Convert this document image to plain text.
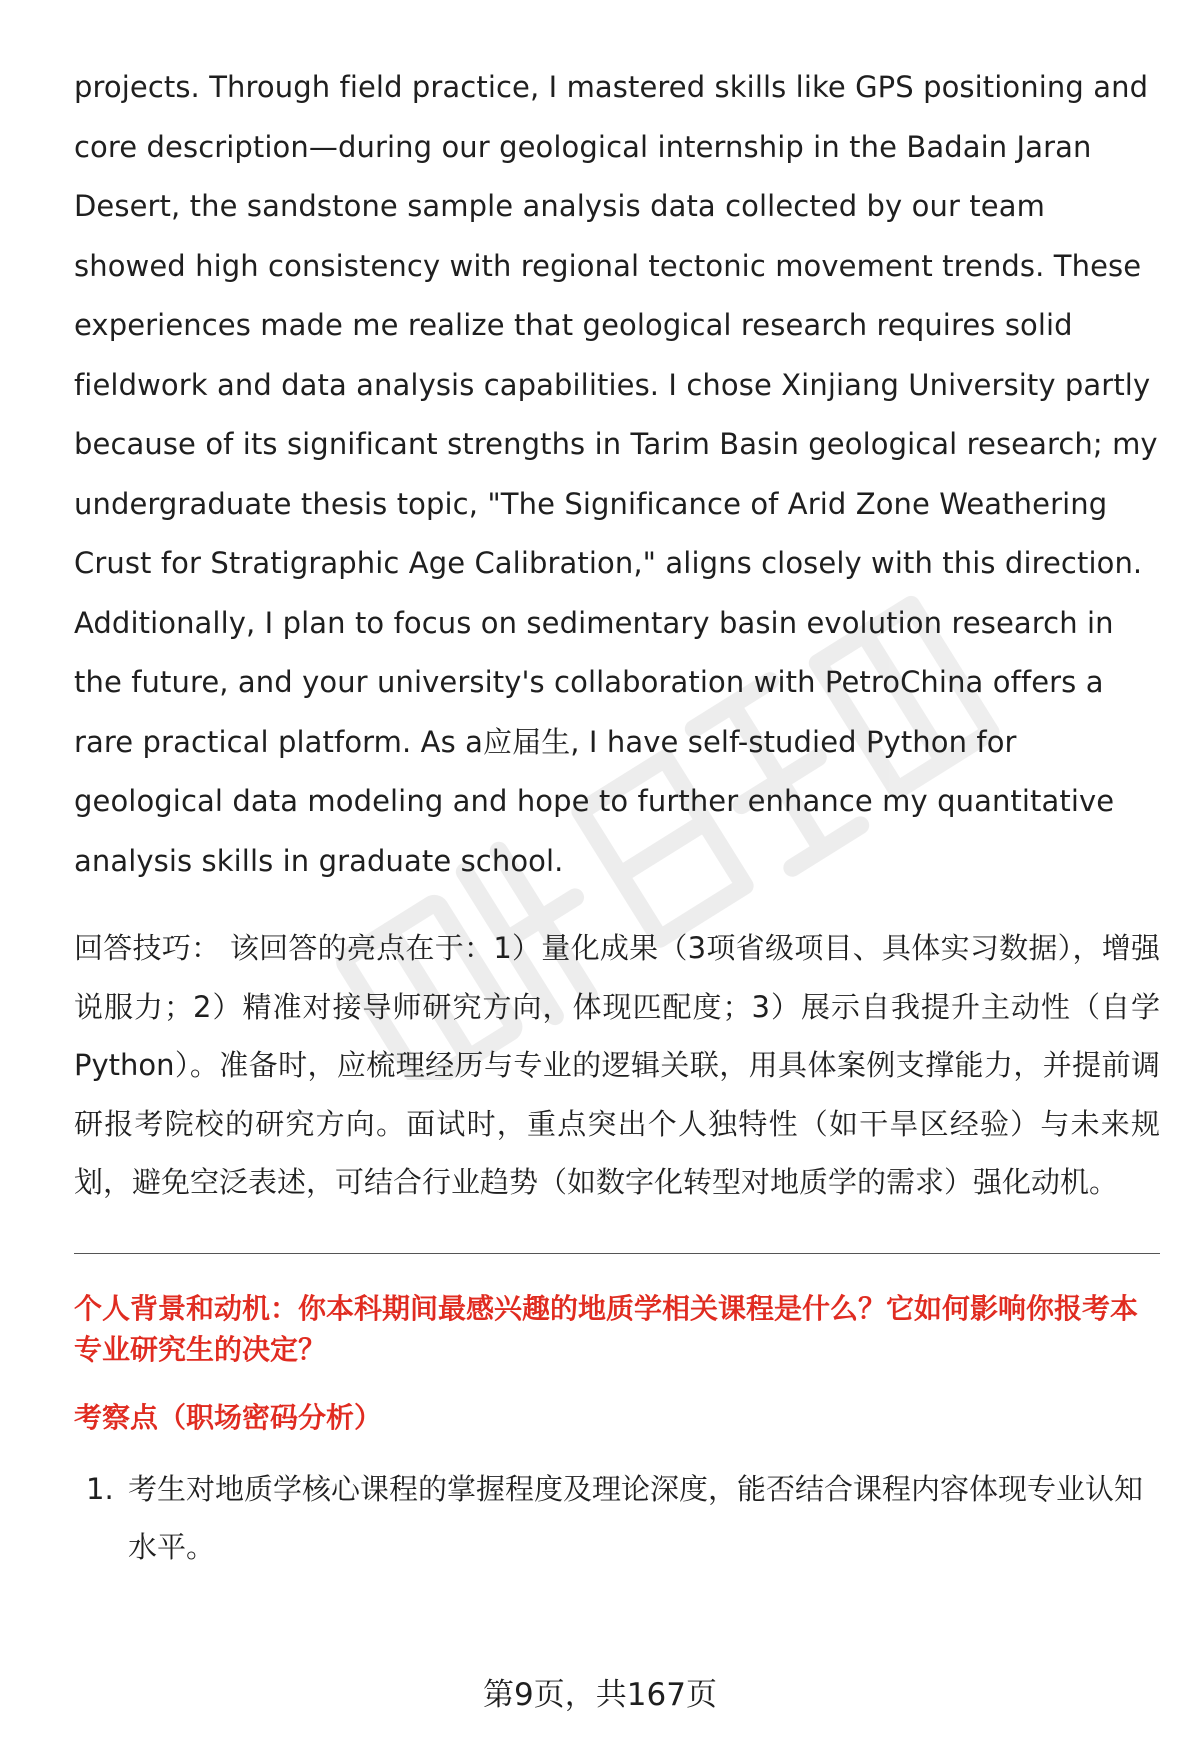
projects. Through field practice, I mastered skills like GPS positioning and core description—during our geological internship in the Badain Jaran Desert, the sandstone sample analysis data collected by our team showed high consistency with regional tectonic movement trends. These experiences made me realize that geological research requires solid fieldwork and data analysis capabilities. I chose Xinjiang University partly because of its significant strengths in Tarim Basin geological research; my undergraduate thesis topic, "The Significance of Arid Zone Weathering Crust for Stratigraphic Age Calibration," aligns closely with this direction. Additionally, I plan to focus on sedimentary basin evolution research in the future, and your university's collaboration with PetroChina offers a rare practical platform. As a应届生, I have self-studied Python for geological data modeling and hope to further enhance my quantitative analysis skills in graduate school.

回答技巧： 该回答的亮点在于：1）量化成果（3项省级项目、具体实习数据），增强说服力；2）精准对接导师研究方向，体现匹配度；3）展示自我提升主动性（自学Python）。准备时，应梳理经历与专业的逻辑关联，用具体案例支撑能力，并提前调研报考院校的研究方向。面试时，重点突出个人独特性（如干旱区经验）与未来规划，避免空泛表述，可结合行业趋势（如数字化转型对地质学的需求）强化动机。

个人背景和动机：你本科期间最感兴趣的地质学相关课程是什么？它如何影响你报考本专业研究生的决定？

考察点（职场密码分析）

1. 考生对地质学核心课程的掌握程度及理论深度，能否结合课程内容体现专业认知水平。
第9页，共167页
